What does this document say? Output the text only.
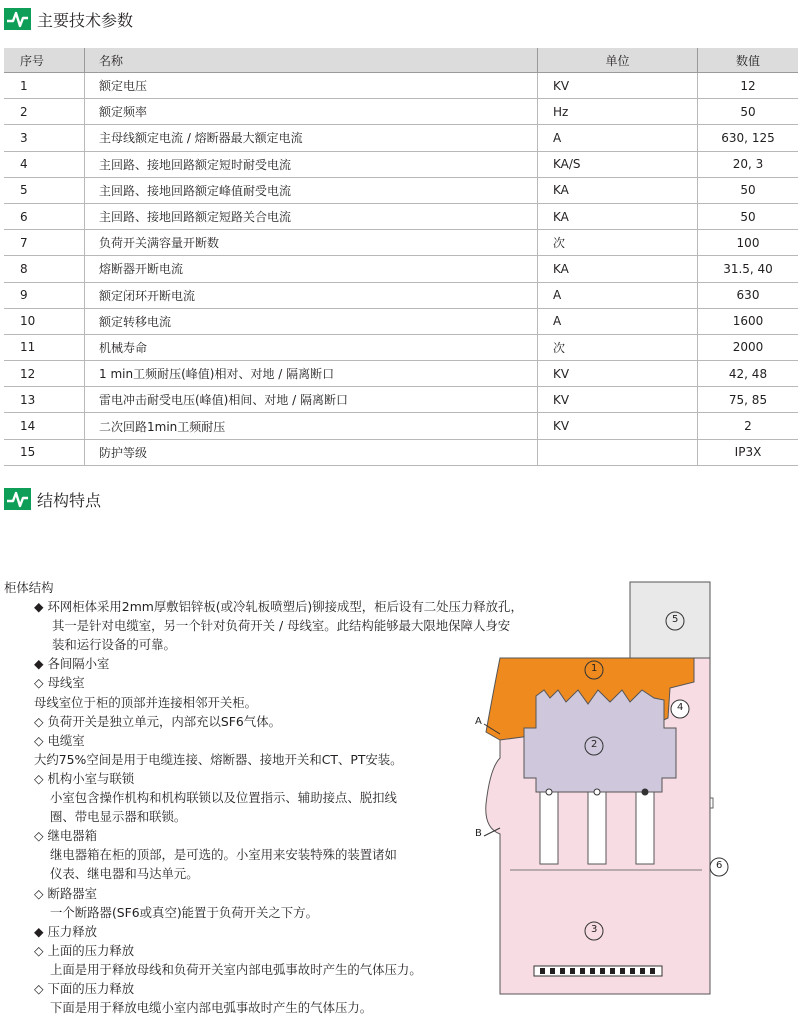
主要技术参数
序号	名称	单位	数值
1	额定电压	KV	12
2	额定频率	Hz	50
3	主母线额定电流 / 熔断器最大额定电流	A	630, 125
4	主回路、接地回路额定短时耐受电流	KA/S	20, 3
5	主回路、接地回路额定峰值耐受电流	KA	50
6	主回路、接地回路额定短路关合电流	KA	50
7	负荷开关满容量开断数	次	100
8	熔断器开断电流	KA	31.5, 40
9	额定闭环开断电流	A	630
10	额定转移电流	A	1600
11	机械寿命	次	2000
12	1 min工频耐压(峰值)相对、对地 / 隔离断口	KV	42, 48
13	雷电冲击耐受电压(峰值)相间、对地 / 隔离断口	KV	75, 85
14	二次回路1min工频耐压	KV	2
15	防护等级		IP3X
结构特点

柜体结构

◆ 环网柜体采用2mm厚敷铝锌板(或冷轧板喷塑后)铆接成型，柜后设有二处压力释放孔，

其一是针对电缆室，另一个针对负荷开关 / 母线室。此结构能够最大限地保障人身安

装和运行设备的可靠。

◆ 各间隔小室

◇ 母线室

母线室位于柜的顶部并连接相邻开关柜。

◇ 负荷开关是独立单元，内部充以SF6气体。

◇ 电缆室

大约75%空间是用于电缆连接、熔断器、接地开关和CT、PT安装。

◇ 机构小室与联锁

小室包含操作机构和机构联锁以及位置指示、辅助接点、脱扣线

圈、带电显示器和联锁。

◇ 继电器箱

继电器箱在柜的顶部，是可选的。小室用来安装特殊的装置诸如

仪表、继电器和马达单元。

◇ 断路器室

一个断路器(SF6或真空)能置于负荷开关之下方。

◆ 压力释放

◇ 上面的压力释放

上面是用于释放母线和负荷开关室内部电弧事故时产生的气体压力。

◇ 下面的压力释放

下面是用于释放电缆小室内部电弧事故时产生的气体压力。

1
2
3
4
5
6
A
B
